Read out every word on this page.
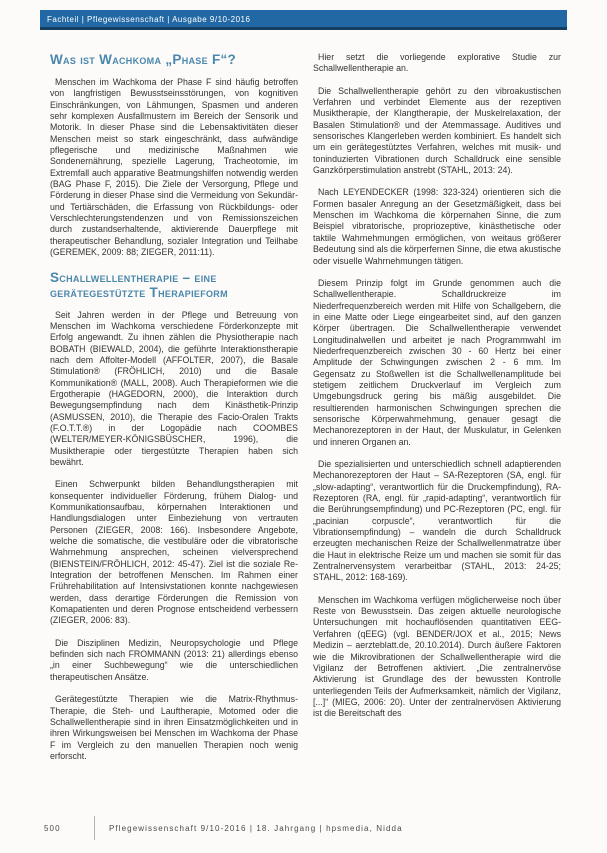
Fachteil | Pflegewissenschaft | Ausgabe 9/10-2016
Was ist Wachkoma „Phase F“?

Menschen im Wachkoma der Phase F sind häufig betroffen von langfristigen Bewusstseinsstörungen, von kognitiven Einschränkungen, von Lähmungen, Spasmen und anderen sehr komplexen Ausfallmustern im Bereich der Sensorik und Motorik. In dieser Phase sind die Lebensaktivitäten dieser Menschen meist so stark eingeschränkt, dass aufwändige pflegerische und medizinische Maßnahmen wie Sondenernährung, spezielle Lagerung, Tracheotomie, im Extremfall auch apparative Beatmungshilfen notwendig werden (BAG Phase F, 2015). Die Ziele der Versorgung, Pflege und Förderung in dieser Phase sind die Vermeidung von Sekundär- und Tertiärschäden, die Erfassung von Rückbildungs- oder Verschlechterungstendenzen und von Remissionszeichen durch zustandserhaltende, aktivierende Dauerpflege mit therapeutischer Behandlung, sozialer Integration und Teilhabe (GEREMEK, 2009: 88; ZIEGER, 2011:11).

Schallwellentherapie – eine gerätegestützte Therapieform

Seit Jahren werden in der Pflege und Betreuung von Menschen im Wachkoma verschiedene Förderkonzepte mit Erfolg angewandt. Zu ihnen zählen die Physiotherapie nach BOBATH (BIEWALD, 2004), die geführte Interaktionstherapie nach dem Affolter-Modell (AFFOLTER, 2007), die Basale Stimulation® (FRÖHLICH, 2010) und die Basale Kommunikation® (MALL, 2008). Auch Therapieformen wie die Ergotherapie (HAGEDORN, 2000), die Interaktion durch Bewegungsempfindung nach dem Kinästhetik-Prinzip (ASMUSSEN, 2010), die Therapie des Facio-Oralen Trakts (F.O.T.T.®) in der Logopädie nach COOMBES (WELTER/MEYER-KÖNIGSBÜSCHER, 1996), die Musiktherapie oder tiergestützte Therapien haben sich bewährt.

Einen Schwerpunkt bilden Behandlungstherapien mit konsequenter individueller Förderung, frühem Dialog- und Kommunikationsaufbau, körpernahen Interaktionen und Handlungsdialogen unter Einbeziehung von vertrauten Personen (ZIEGER, 2008: 166). Insbesondere Angebote, welche die somatische, die vestibuläre oder die vibratorische Wahrnehmung ansprechen, scheinen vielversprechend (BIENSTEIN/FRÖHLICH, 2012: 45-47). Ziel ist die soziale Re-Integration der betroffenen Menschen. Im Rahmen einer Frührehabilitation auf Intensivstationen konnte nachgewiesen werden, dass derartige Förderungen die Remission von Komapatienten und deren Prognose entscheidend verbessern (ZIEGER, 2006: 83).

Die Disziplinen Medizin, Neuropsychologie und Pflege befinden sich nach FROMMANN (2013: 21) allerdings ebenso „in einer Suchbewegung“ wie die unterschiedlichen therapeutischen Ansätze.

Gerätegestützte Therapien wie die Matrix-Rhythmus-Therapie, die Steh- und Lauftherapie, Motomed oder die Schallwellentherapie sind in ihren Einsatzmöglichkeiten und in ihren Wirkungsweisen bei Menschen im Wachkoma der Phase F im Vergleich zu den manuellen Therapien noch wenig erforscht.

Hier setzt die vorliegende explorative Studie zur Schallwellentherapie an.

Die Schallwellentherapie gehört zu den vibroakustischen Verfahren und verbindet Elemente aus der rezeptiven Musiktherapie, der Klangtherapie, der Muskelrelaxation, der Basalen Stimulation® und der Atemmassage. Auditives und sensorisches Klangerleben werden kombiniert. Es handelt sich um ein gerätegestütztes Verfahren, welches mit musik- und toninduzierten Vibrationen durch Schalldruck eine sensible Ganzkörperstimulation anstrebt (STAHL, 2013: 24).

Nach LEYENDECKER (1998: 323-324) orientieren sich die Formen basaler Anregung an der Gesetzmäßigkeit, dass bei Menschen im Wachkoma die körpernahen Sinne, die zum Beispiel vibratorische, propriozeptive, kinästhetische oder taktile Wahrnehmungen ermöglichen, von weitaus größerer Bedeutung sind als die körperfernen Sinne, die etwa akustische oder visuelle Wahrnehmungen tätigen.

Diesem Prinzip folgt im Grunde genommen auch die Schallwellentherapie. Schalldruckreize im Niederfrequenzbereich werden mit Hilfe von Schallgebern, die in eine Matte oder Liege eingearbeitet sind, auf den ganzen Körper übertragen. Die Schallwellentherapie verwendet Longitudinalwellen und arbeitet je nach Programmwahl im Niederfrequenzbereich zwischen 30 - 60 Hertz bei einer Amplitude der Schwingungen zwischen 2 - 6 mm. Im Gegensatz zu Stoßwellen ist die Schallwellenamplitude bei stetigem zeitlichem Druckverlauf im Vergleich zum Umgebungsdruck gering bis mäßig ausgebildet. Die resultierenden harmonischen Schwingungen sprechen die sensorische Körperwahrnehmung, genauer gesagt die Mechanorezeptoren in der Haut, der Muskulatur, in Gelenken und inneren Organen an.

Die spezialisierten und unterschiedlich schnell adaptierenden Mechanorezeptoren der Haut – SA-Rezeptoren (SA, engl. für „slow-adapting“, verantwortlich für die Druckempfindung), RA-Rezeptoren (RA, engl. für „rapid-adapting“, verantwortlich für die Berührungsempfindung) und PC-Rezeptoren (PC, engl. für „pacinian corpuscle“, verantwortlich für die Vibrationsempfindung) – wandeln die durch Schalldruck erzeugten mechanischen Reize der Schallwellenmatratze über die Haut in elektrische Reize um und machen sie somit für das Zentralnervensystem verarbeitbar (STAHL, 2013: 24-25; STAHL, 2012: 168-169).

Menschen im Wachkoma verfügen möglicherweise noch über Reste von Bewusstsein. Das zeigen aktuelle neurologische Untersuchungen mit hochauflösenden quantitativen EEG-Verfahren (qEEG) (vgl. BENDER/JOX et al., 2015; News Medizin – aerzteblatt.de, 20.10.2014). Durch äußere Faktoren wie die Mikrovibrationen der Schallwellentherapie wird die Vigilanz der Betroffenen aktiviert. „Die zentralnervöse Aktivierung ist Grundlage des der bewussten Kontrolle unterliegenden Teils der Aufmerksamkeit, nämlich der Vigilanz, [...]“ (MIEG, 2006: 20). Unter der zentralnervösen Aktivierung ist die Bereitschaft des

500	Pflegewissenschaft 9/10-2016 | 18. Jahrgang | hpsmedia, Nidda
